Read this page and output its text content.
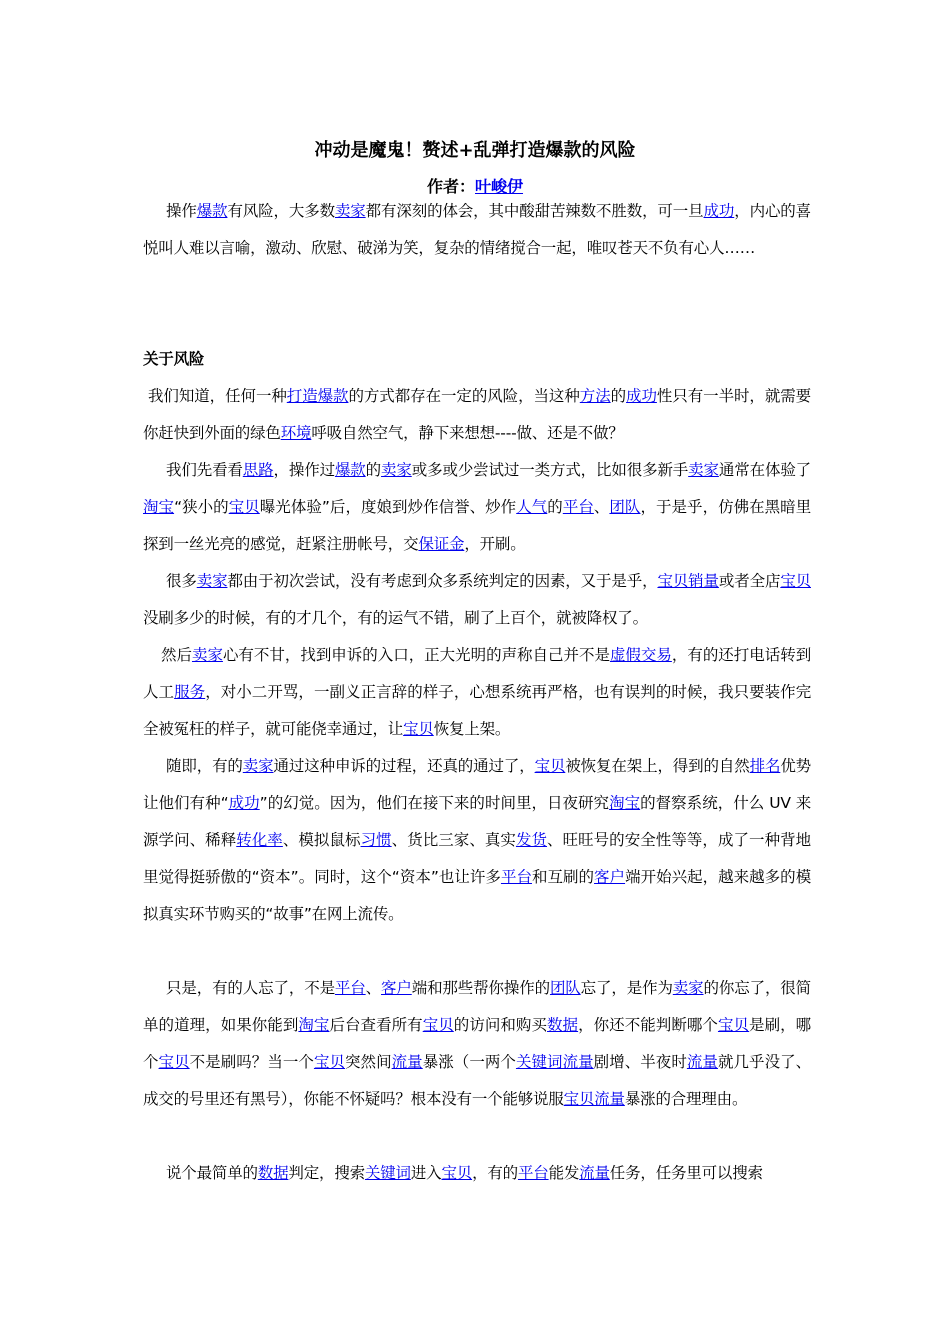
冲动是魔鬼！赘述+乱弹打造爆款的风险
作者：叶峻伊

操作爆款有风险，大多数卖家都有深刻的体会，其中酸甜苦辣数不胜数，可一旦成功，内心的喜悦叫人难以言喻，激动、欣慰、破涕为笑，复杂的情绪搅合一起，唯叹苍天不负有心人……

关于风险

我们知道，任何一种打造爆款的方式都存在一定的风险，当这种方法的成功性只有一半时，就需要你赶快到外面的绿色环境呼吸自然空气，静下来想想----做、还是不做？

我们先看看思路，操作过爆款的卖家或多或少尝试过一类方式，比如很多新手卖家通常在体验了淘宝“狭小的宝贝曝光体验”后，度娘到炒作信誉、炒作人气的平台、团队，于是乎，仿佛在黑暗里探到一丝光亮的感觉，赶紧注册帐号，交保证金，开刷。

很多卖家都由于初次尝试，没有考虑到众多系统判定的因素，又于是乎，宝贝销量或者全店宝贝没刷多少的时候，有的才几个，有的运气不错，刷了上百个，就被降权了。

然后卖家心有不甘，找到申诉的入口，正大光明的声称自己并不是虚假交易，有的还打电话转到人工服务，对小二开骂，一副义正言辞的样子，心想系统再严格，也有误判的时候，我只要装作完全被冤枉的样子，就可能侥幸通过，让宝贝恢复上架。

随即，有的卖家通过这种申诉的过程，还真的通过了，宝贝被恢复在架上，得到的自然排名优势让他们有种“成功”的幻觉。因为，他们在接下来的时间里，日夜研究淘宝的督察系统，什么 UV 来源学问、稀释转化率、模拟鼠标习惯、货比三家、真实发货、旺旺号的安全性等等，成了一种背地里觉得挺骄傲的“资本”。同时，这个“资本”也让许多平台和互刷的客户端开始兴起，越来越多的模拟真实环节购买的“故事”在网上流传。

只是，有的人忘了，不是平台、客户端和那些帮你操作的团队忘了，是作为卖家的你忘了，很简单的道理，如果你能到淘宝后台查看所有宝贝的访问和购买数据，你还不能判断哪个宝贝是刷，哪个宝贝不是刷吗？当一个宝贝突然间流量暴涨（一两个关键词流量剧增、半夜时流量就几乎没了、成交的号里还有黑号），你能不怀疑吗？根本没有一个能够说服宝贝流量暴涨的合理理由。

说个最简单的数据判定，搜索关键词进入宝贝，有的平台能发流量任务，任务里可以搜索
